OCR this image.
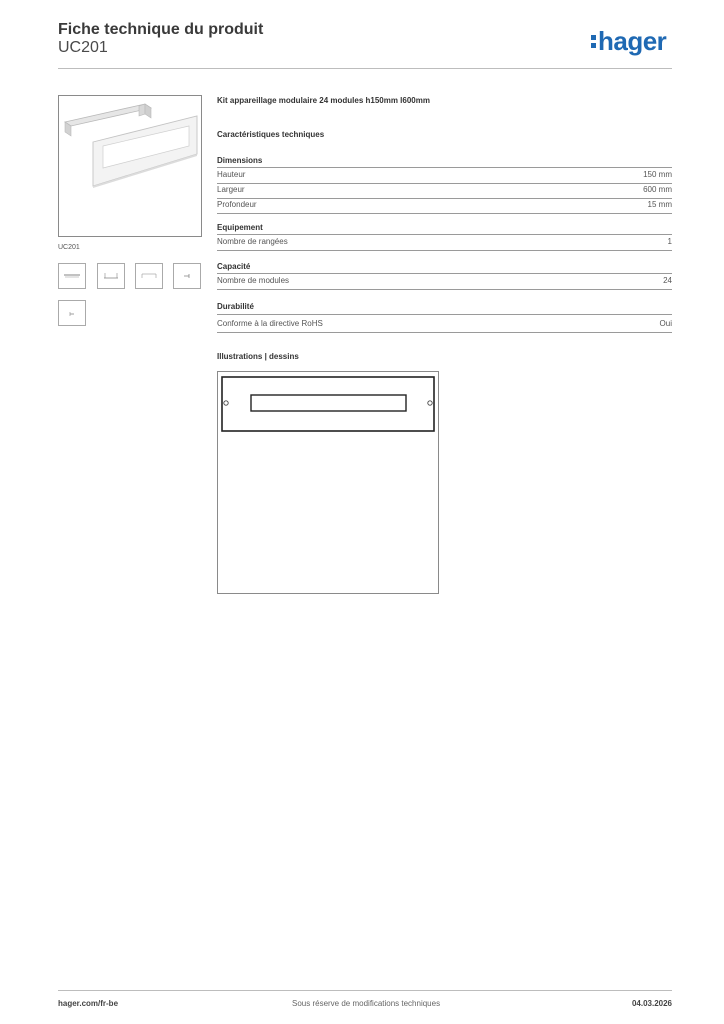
Fiche technique du produit
UC201	hager
UC201
Kit appareillage modulaire 24 modules h150mm l600mm
Caractéristiques techniques
Dimensions
Hauteur	150 mm
Largeur	600 mm
Profondeur	15 mm
Equipement
Nombre de rangées	1
Capacité
Nombre de modules	24
Durabilité
Conforme à la directive RoHS	Oui
Illustrations | dessins
hager.com/fr-be	Sous réserve de modifications techniques	04.03.2026
